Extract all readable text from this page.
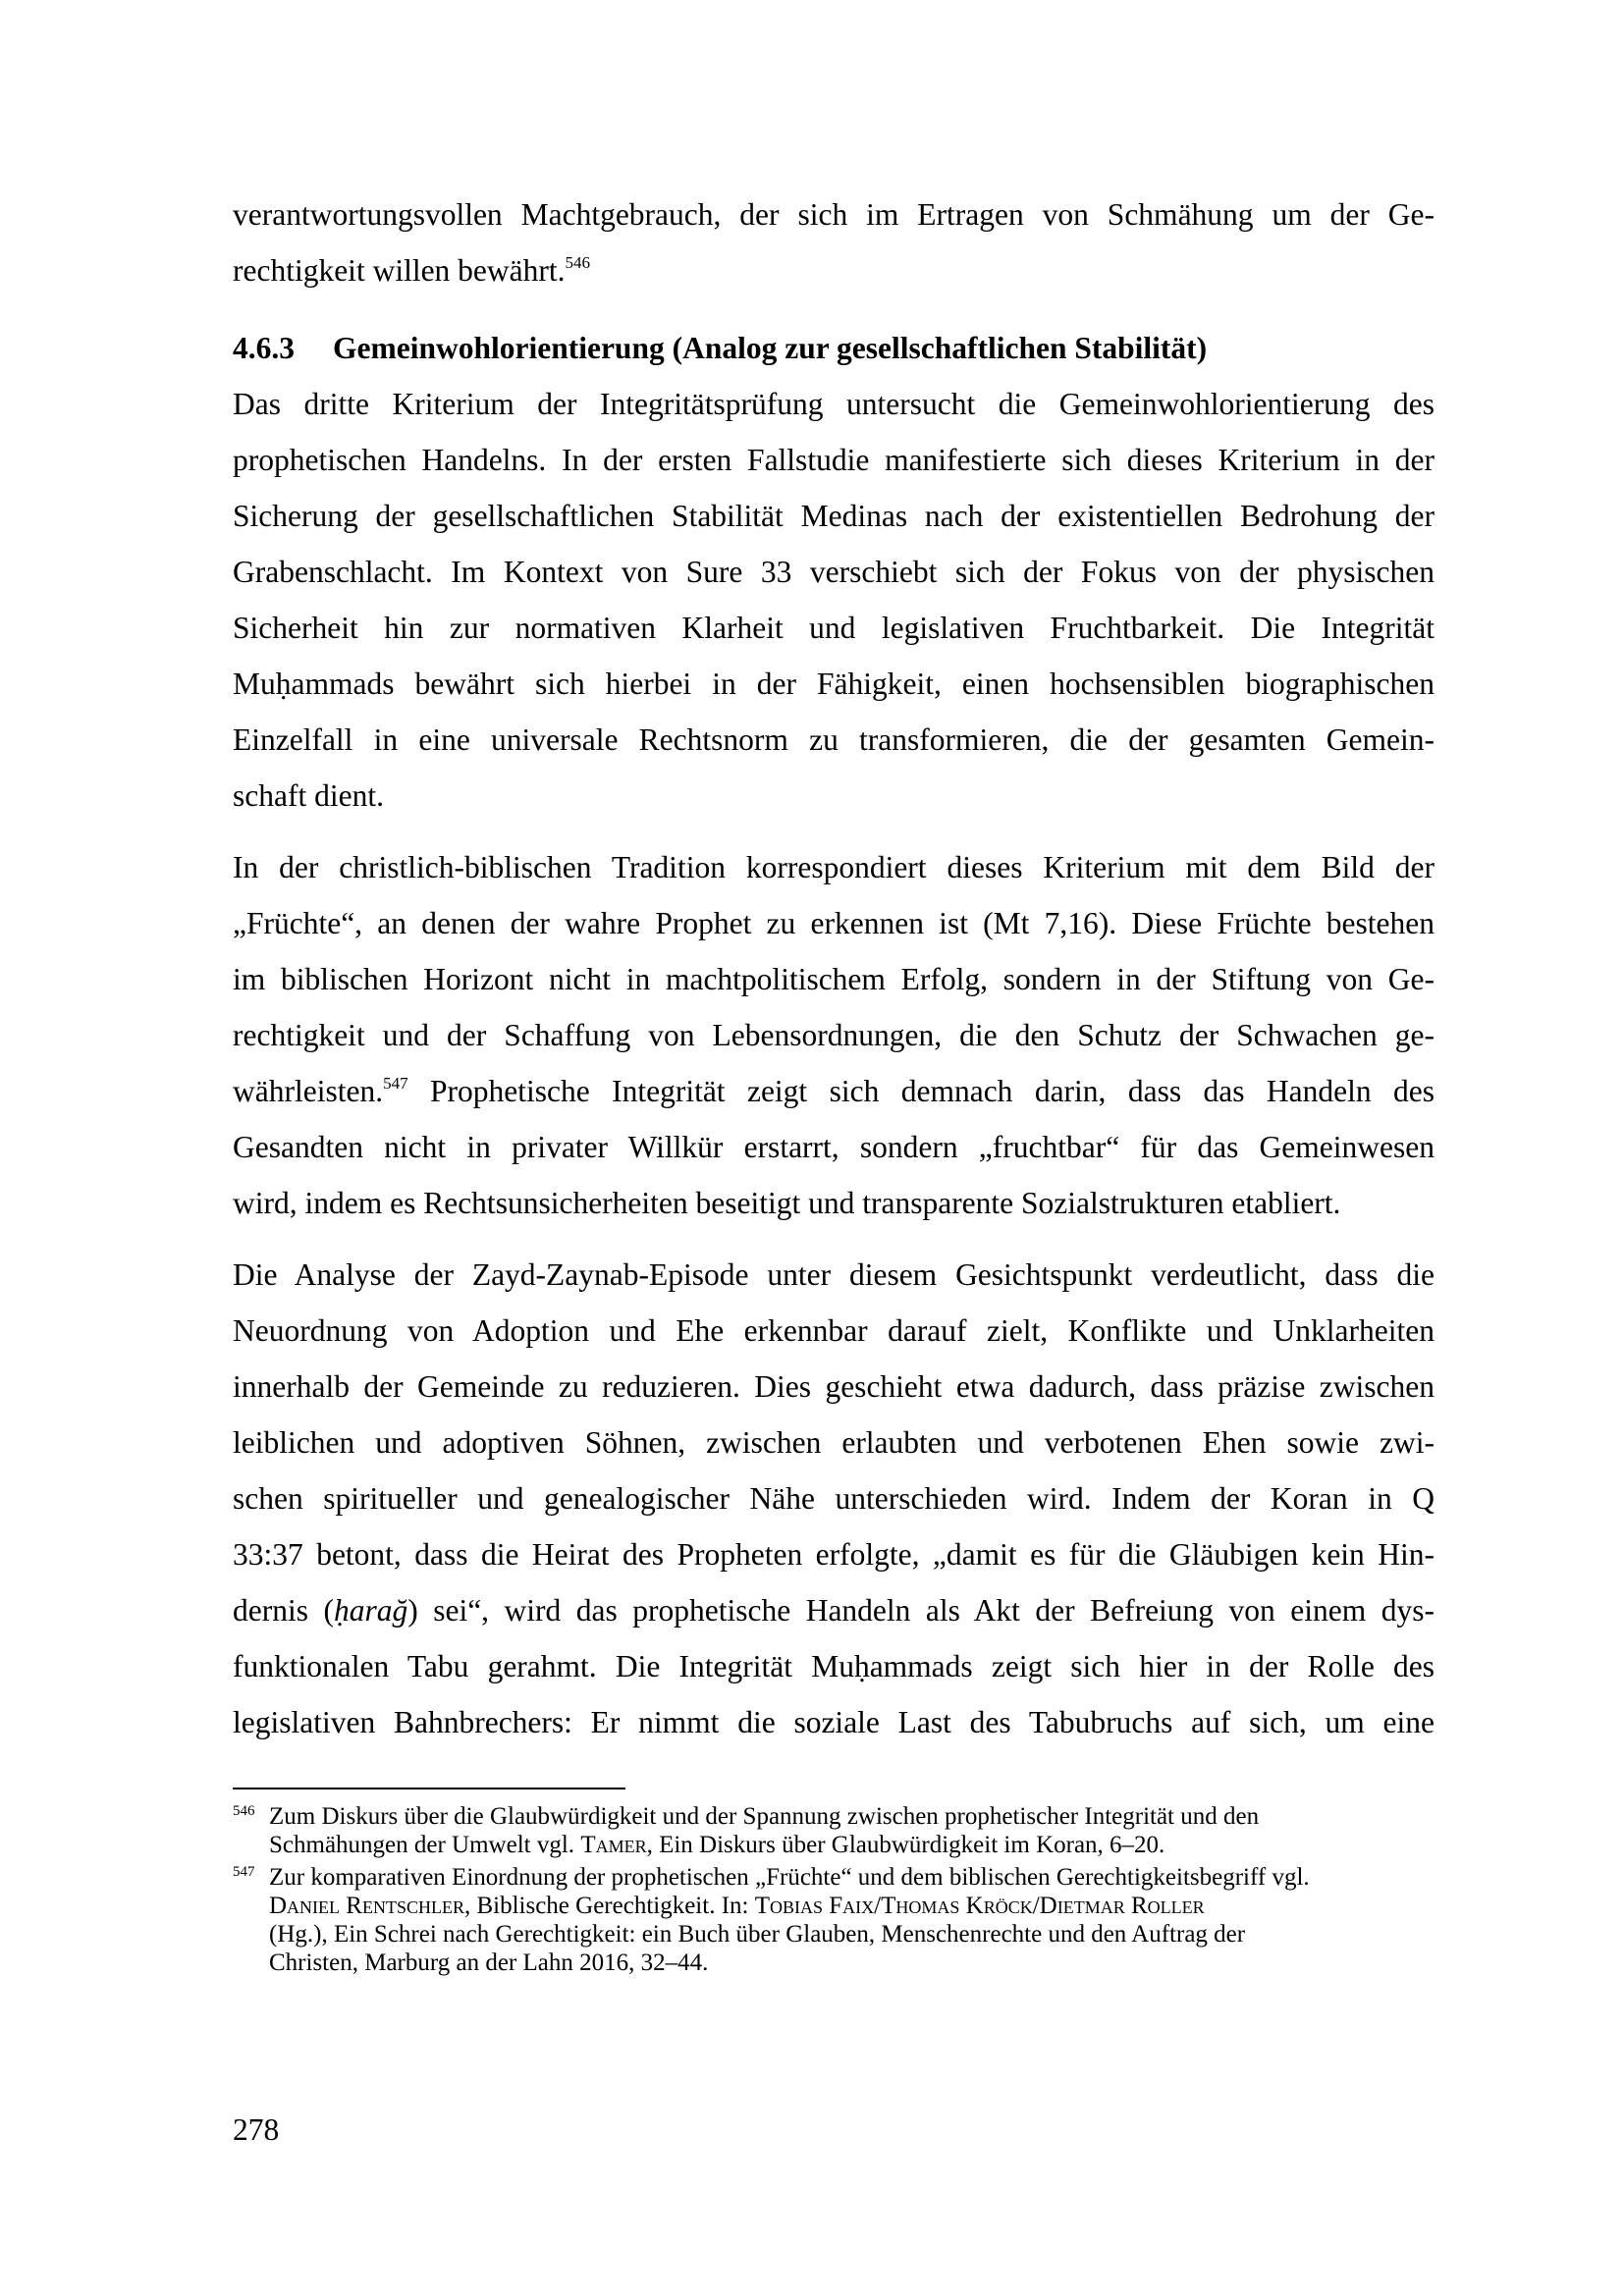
verantwortungsvollen Machtgebrauch, der sich im Ertragen von Schmähung um der Ge-
rechtigkeit willen bewährt.$^{546}$

4.6.3 Gemeinwohlorientierung (Analog zur gesellschaftlichen Stabilität)

Das dritte Kriterium der Integritätsprüfung untersucht die Gemeinwohlorientierung des
prophetischen Handelns. In der ersten Fallstudie manifestierte sich dieses Kriterium in der
Sicherung der gesellschaftlichen Stabilität Medinas nach der existentiellen Bedrohung der
Grabenschlacht. Im Kontext von Sure 33 verschiebt sich der Fokus von der physischen
Sicherheit hin zur normativen Klarheit und legislativen Fruchtbarkeit. Die Integrität
Muḥammads bewährt sich hierbei in der Fähigkeit, einen hochsensiblen biographischen
Einzelfall in eine universale Rechtsnorm zu transformieren, die der gesamten Gemein-
schaft dient.

In der christlich-biblischen Tradition korrespondiert dieses Kriterium mit dem Bild der
„Früchte“, an denen der wahre Prophet zu erkennen ist (Mt 7,16). Diese Früchte bestehen
im biblischen Horizont nicht in machtpolitischem Erfolg, sondern in der Stiftung von Ge-
rechtigkeit und der Schaffung von Lebensordnungen, die den Schutz der Schwachen ge-
währleisten.$^{547}$ Prophetische Integrität zeigt sich demnach darin, dass das Handeln des
Gesandten nicht in privater Willkür erstarrt, sondern „fruchtbar“ für das Gemeinwesen
wird, indem es Rechtsunsicherheiten beseitigt und transparente Sozialstrukturen etabliert.

Die Analyse der Zayd-Zaynab-Episode unter diesem Gesichtspunkt verdeutlicht, dass die
Neuordnung von Adoption und Ehe erkennbar darauf zielt, Konflikte und Unklarheiten
innerhalb der Gemeinde zu reduzieren. Dies geschieht etwa dadurch, dass präzise zwischen
leiblichen und adoptiven Söhnen, zwischen erlaubten und verbotenen Ehen sowie zwi-
schen spiritueller und genealogischer Nähe unterschieden wird. Indem der Koran in Q
33:37 betont, dass die Heirat des Propheten erfolgte, „damit es für die Gläubigen kein Hin-
dernis (ḥarağ) sei“, wird das prophetische Handeln als Akt der Befreiung von einem dys-
funktionalen Tabu gerahmt. Die Integrität Muḥammads zeigt sich hier in der Rolle des
legislativen Bahnbrechers: Er nimmt die soziale Last des Tabubruchs auf sich, um eine

546 Zum Diskurs über die Glaubwürdigkeit und der Spannung zwischen prophetischer Integrität und den
Schmähungen der Umwelt vgl. Tamer, Ein Diskurs über Glaubwürdigkeit im Koran, 6–20.
547 Zur komparativen Einordnung der prophetischen „Früchte“ und dem biblischen Gerechtigkeitsbegriff vgl.
Daniel Rentschler, Biblische Gerechtigkeit. In: Tobias Faix/Thomas Kröck/Dietmar Roller
(Hg.), Ein Schrei nach Gerechtigkeit: ein Buch über Glauben, Menschenrechte und den Auftrag der
Christen, Marburg an der Lahn 2016, 32–44.
278
